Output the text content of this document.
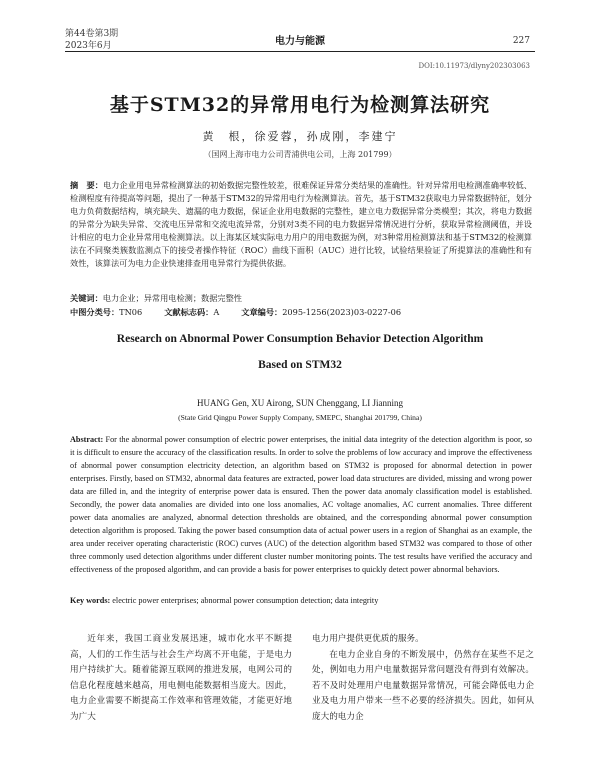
第44卷第3期
2023年6月	电力与能源	227
DOI:10.11973/dlyny202303063
基于STM32的异常用电行为检测算法研究
黄　根，徐爱蓉，孙成刚，李建宁
（国网上海市电力公司青浦供电公司，上海 201799）
摘　要：电力企业用电异常检测算法的初始数据完整性较差，很难保证异常分类结果的准确性。针对异常用电检测准确率较低、检测程度有待提高等问题，提出了一种基于STM32的异常用电行为检测算法。首先，基于STM32获取电力异常数据特征，划分电力负荷数据结构，填充缺失、遗漏的电力数据，保证企业用电数据的完整性，建立电力数据异常分类模型；其次，将电力数据的异常分为缺失异常、交流电压异常和交流电流异常，分别对3类不同的电力数据异常情况进行分析，获取异常检测阈值，并设计相应的电力企业异常用电检测算法。以上海某区域实际电力用户的用电数据为例，对3种常用检测算法和基于STM32的检测算法在不同聚类簇数监测点下的接受者操作特征（ROC）曲线下面积（AUC）进行比较，试验结果验证了所提算法的准确性和有效性，该算法可为电力企业快速排查用电异常行为提供依据。
关键词：电力企业；异常用电检测；数据完整性
中图分类号：TN06	文献标志码：A	文章编号：2095-1256(2023)03-0227-06
Research on Abnormal Power Consumption Behavior Detection Algorithm
Based on STM32
HUANG Gen, XU Airong, SUN Chenggang, LI Jianning
(State Grid Qingpu Power Supply Company, SMEPC, Shanghai 201799, China)
Abstract: For the abnormal power consumption of electric power enterprises, the initial data integrity of the detection algorithm is poor, so it is difficult to ensure the accuracy of the classification results. In order to solve the problems of low accuracy and improve the effectiveness of abnormal power consumption electricity detection, an algorithm based on STM32 is proposed for abnormal detection in power enterprises. Firstly, based on STM32, abnormal data features are extracted, power load data structures are divided, missing and wrong power data are filled in, and the integrity of enterprise power data is ensured. Then the power data anomaly classification model is established. Secondly, the power data anomalies are divided into one loss anomalies, AC voltage anomalies, AC current anomalies. Three different power data anomalies are analyzed, abnormal detection thresholds are obtained, and the corresponding abnormal power consumption detection algorithm is proposed. Taking the power based consumption data of actual power users in a region of Shanghai as an example, the area under receiver operating characteristic (ROC) curves (AUC) of the detection algorithm based STM32 was compared to those of other three commonly used detection algorithms under different cluster number monitoring points. The test results have verified the accuracy and effectiveness of the proposed algorithm, and can provide a basis for power enterprises to quickly detect power abnormal behaviors.
Key words: electric power enterprises; abnormal power consumption detection; data integrity

近年来，我国工商业发展迅速，城市化水平不断提高，人们的工作生活与社会生产均离不开电能，于是电力用户持续扩大。随着能源互联网的推进发展，电网公司的信息化程度越来越高，用电侧电能数据相当庞大。因此，电力企业需要不断提高工作效率和管理效能，才能更好地为广大

电力用户提供更优质的服务。

在电力企业自身的不断发展中，仍然存在某些不足之处，例如电力用户电量数据异常问题没有得到有效解决。若不及时处理用户电量数据异常情况，可能会降低电力企业及电力用户带来一些不必要的经济损失。因此，如何从庞大的电力企
